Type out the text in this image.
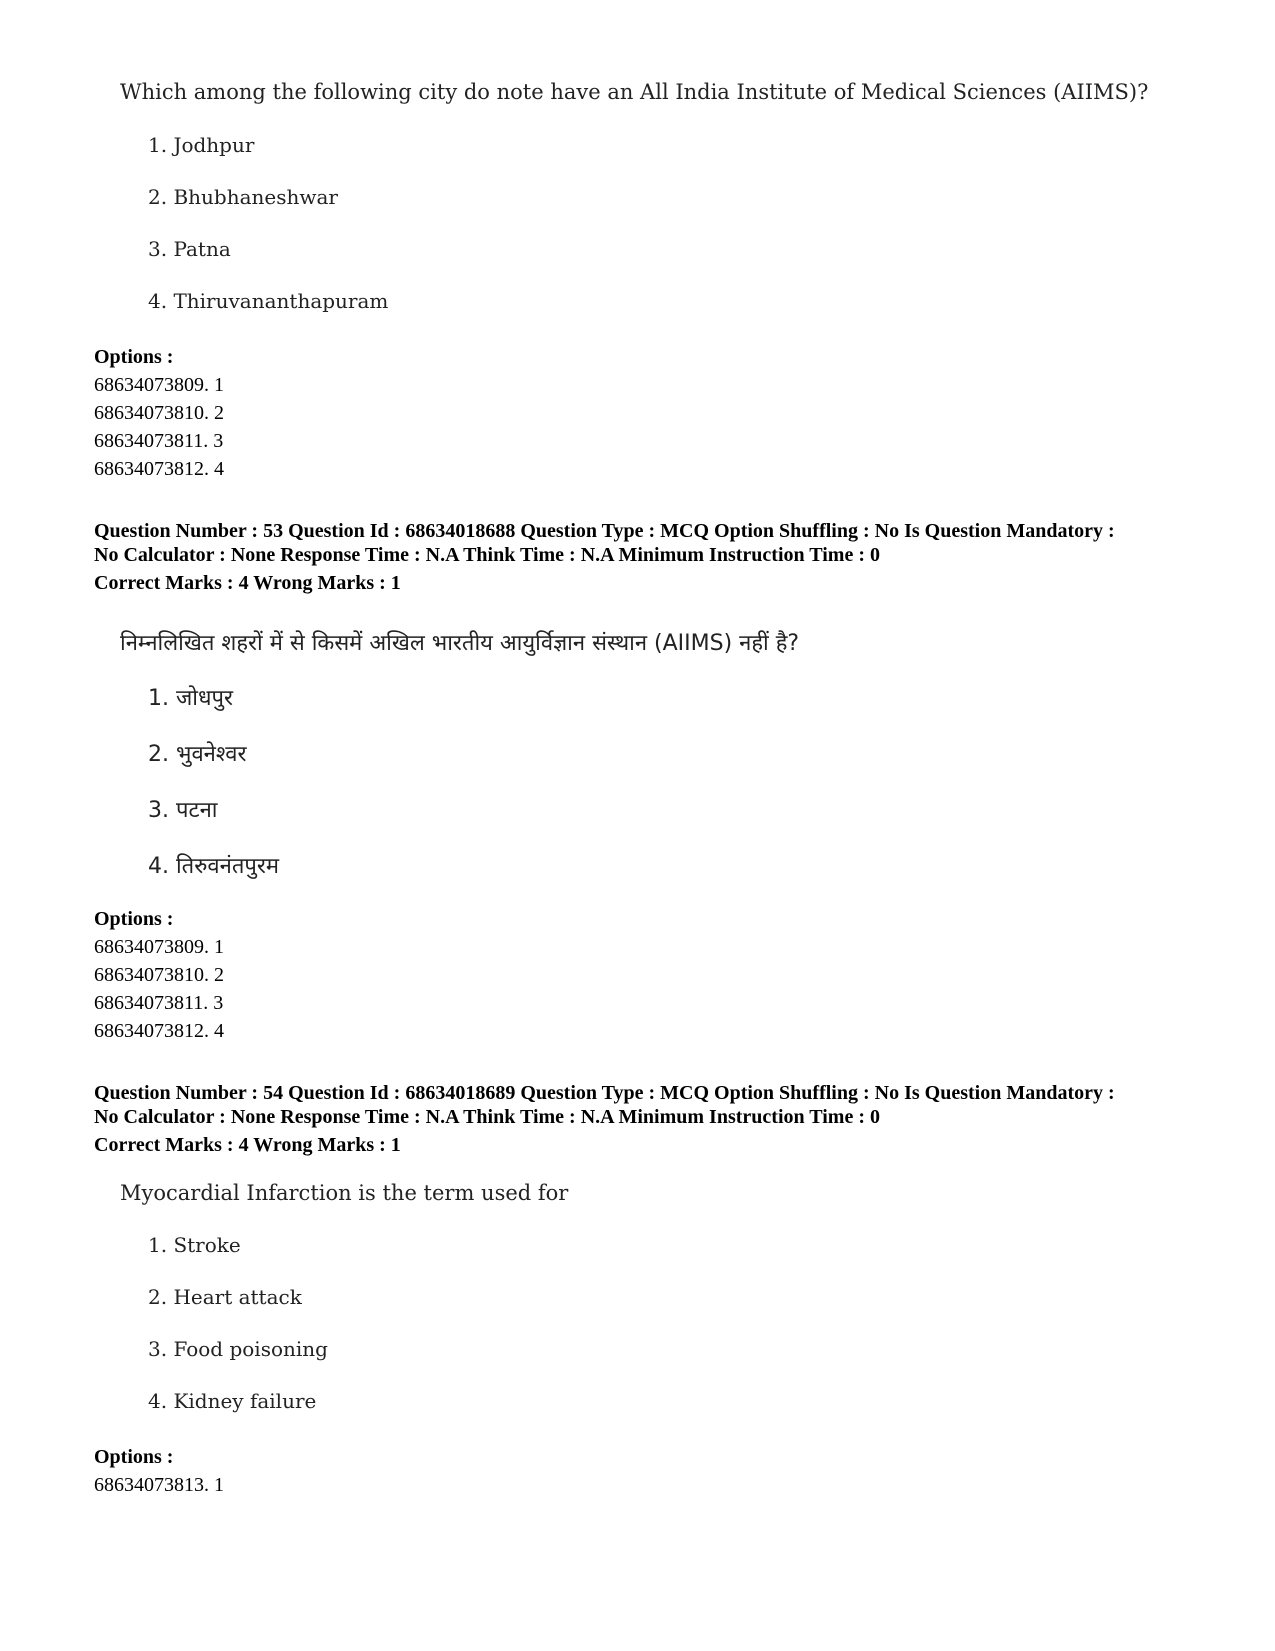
Which among the following city do note have an All India Institute of Medical Sciences (AIIMS)?
1. Jodhpur
2. Bhubhaneshwar
3. Patna
4. Thiruvananthapuram
Options :
68634073809. 1
68634073810. 2
68634073811. 3
68634073812. 4
Question Number : 53 Question Id : 68634018688 Question Type : MCQ Option Shuffling : No Is Question Mandatory :
No Calculator : None Response Time : N.A Think Time : N.A Minimum Instruction Time : 0
Correct Marks : 4 Wrong Marks : 1
निम्नलिखित शहरों में से किसमें अखिल भारतीय आयुर्विज्ञान संस्थान (AIIMS) नहीं है?
1. जोधपुर
2. भुवनेश्वर
3. पटना
4. तिरुवनंतपुरम
Options :
68634073809. 1
68634073810. 2
68634073811. 3
68634073812. 4
Question Number : 54 Question Id : 68634018689 Question Type : MCQ Option Shuffling : No Is Question Mandatory :
No Calculator : None Response Time : N.A Think Time : N.A Minimum Instruction Time : 0
Correct Marks : 4 Wrong Marks : 1
Myocardial Infarction is the term used for
1. Stroke
2. Heart attack
3. Food poisoning
4. Kidney failure
Options :
68634073813. 1
